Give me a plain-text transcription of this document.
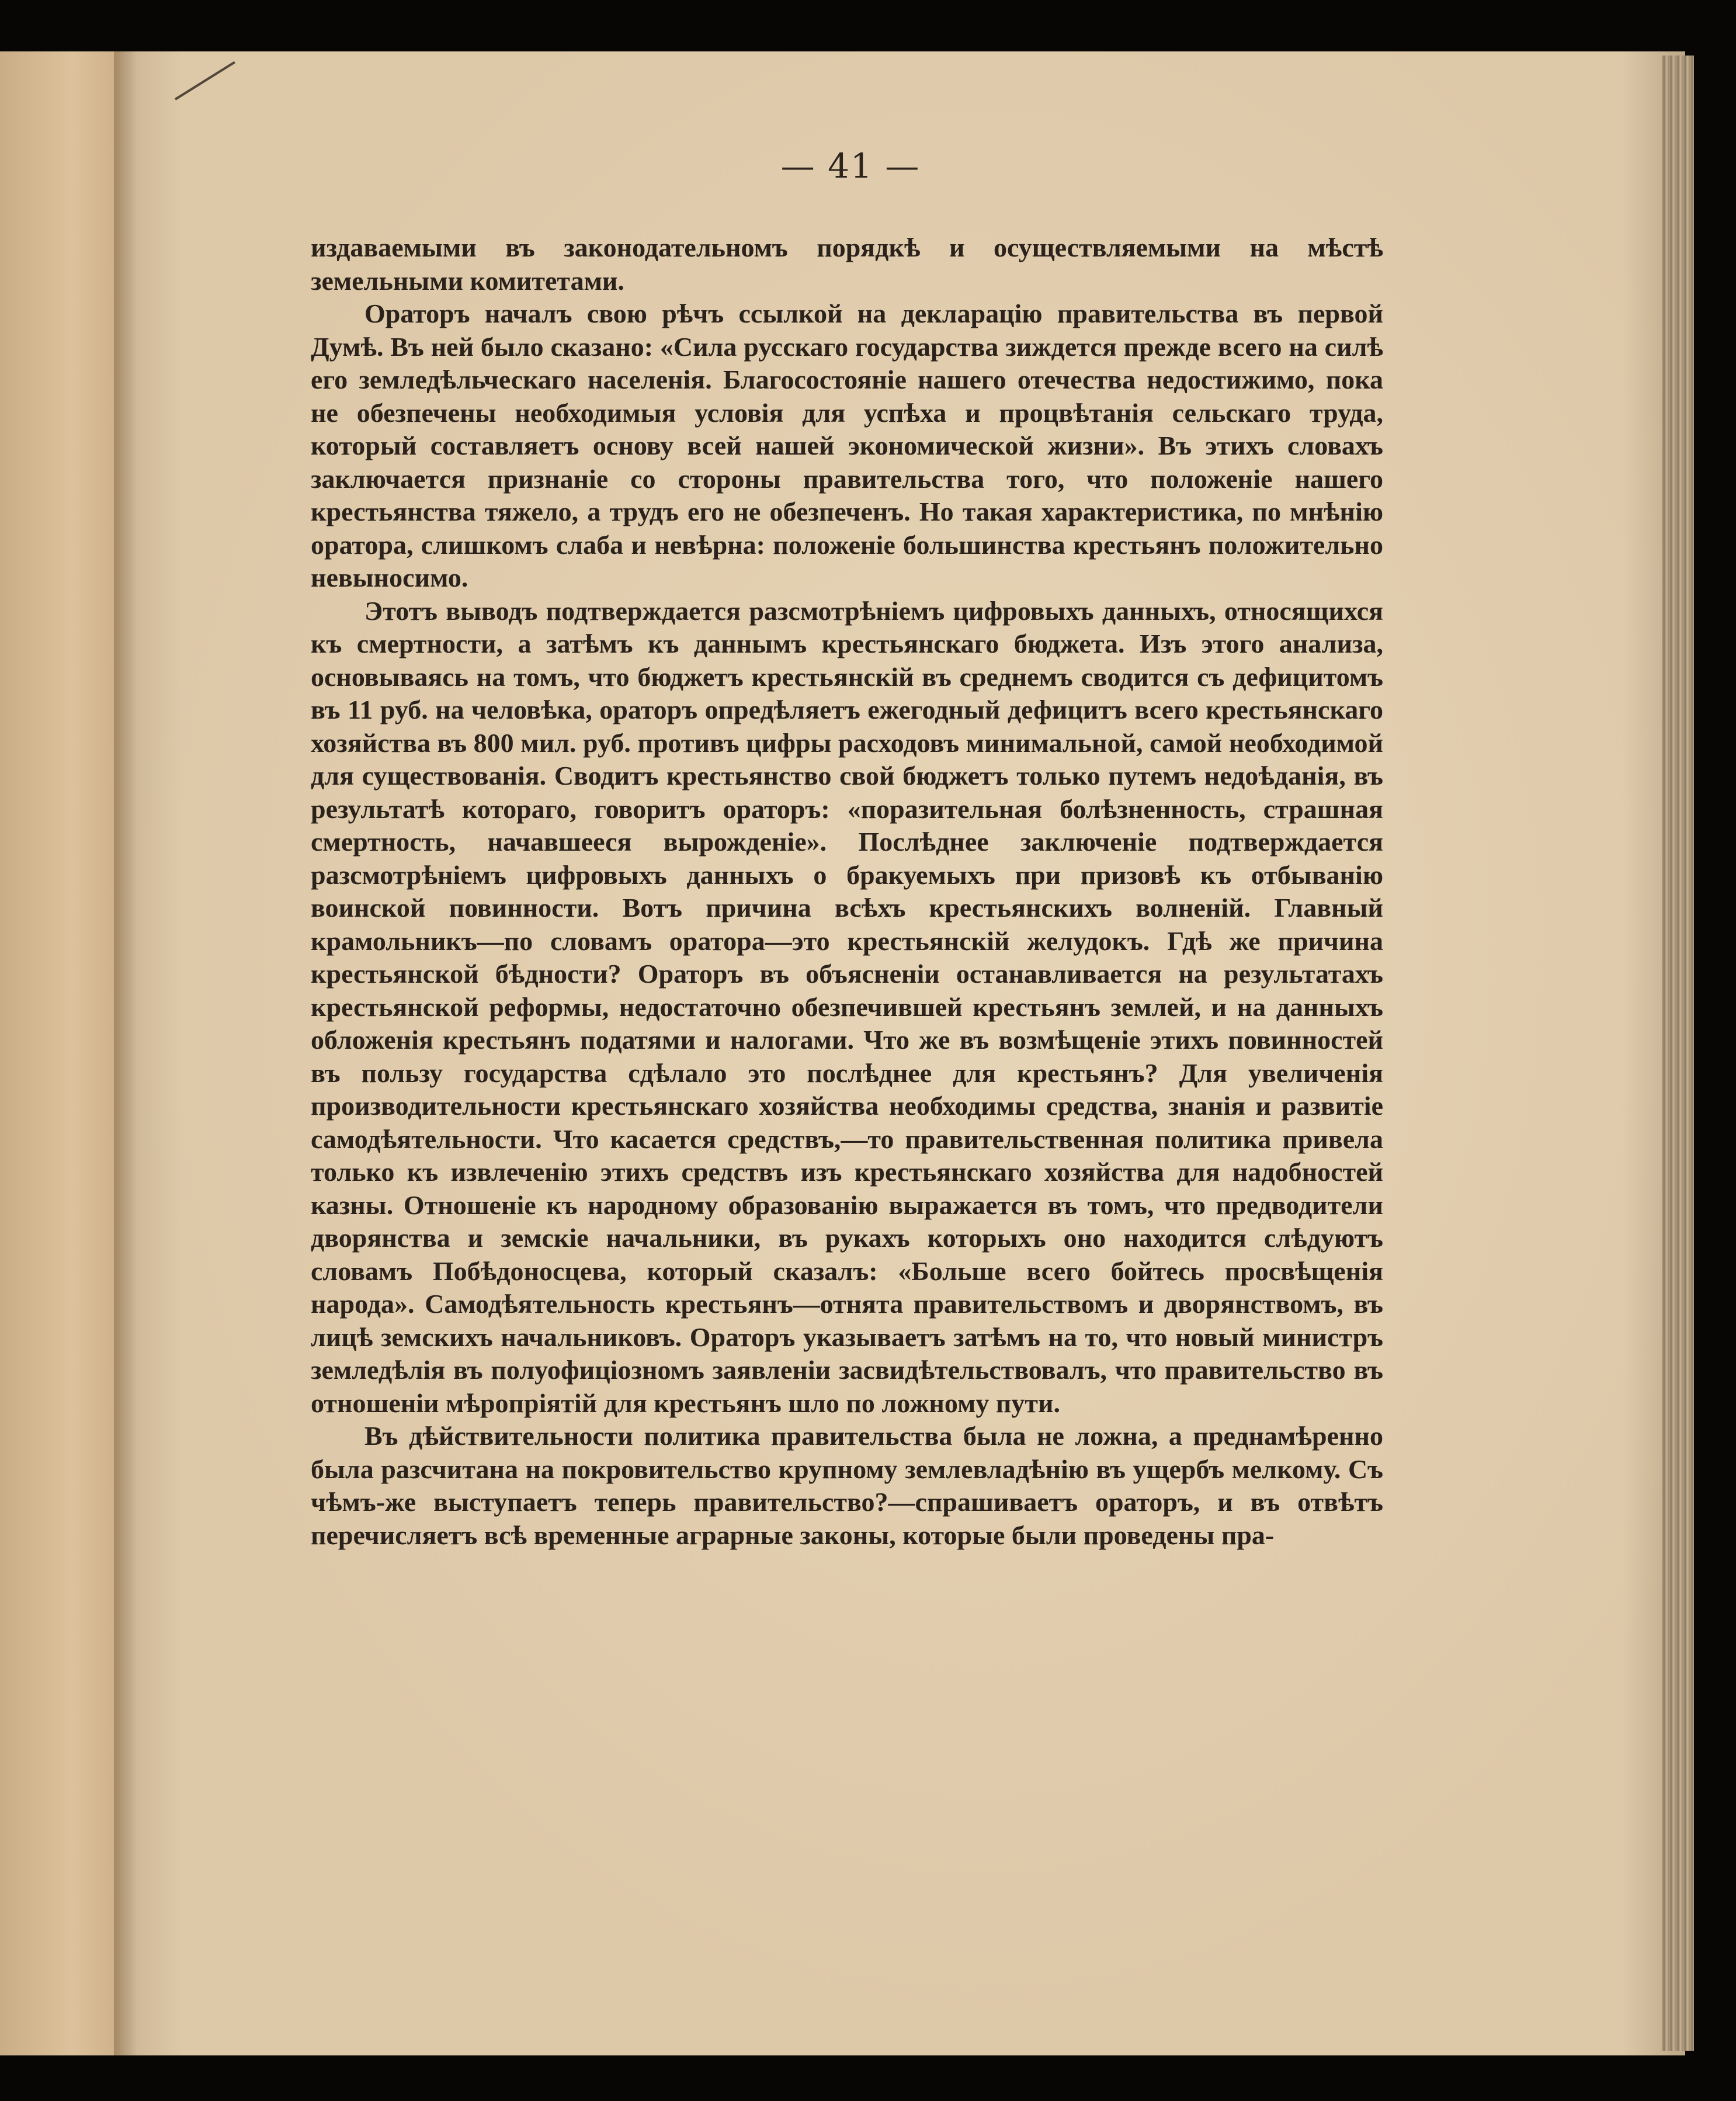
— 41 —

издаваемыми въ законодательномъ порядкѣ и осуществляемыми на мѣстѣ земельными комитетами.

Ораторъ началъ свою рѣчъ ссылкой на декларацію правительства въ первой Думѣ. Въ ней было сказано: «Сила русскаго государства зиждется прежде всего на силѣ его земледѣльческаго населенія. Благосостояніе нашего отечества недостижимо, пока не обезпечены необходимыя условія для успѣха и процвѣтанія сельскаго труда, который составляетъ основу всей нашей экономической жизни». Въ этихъ словахъ заключается признаніе со стороны правительства того, что положеніе нашего крестьянства тяжело, а трудъ его не обезпеченъ. Но такая характеристика, по мнѣнію оратора, слишкомъ слаба и невѣрна: положеніе большинства крестьянъ положительно невыносимо.

Этотъ выводъ подтверждается разсмотрѣніемъ цифровыхъ данныхъ, относящихся къ смертности, а затѣмъ къ даннымъ крестьянскаго бюджета. Изъ этого анализа, основываясь на томъ, что бюджетъ крестьянскій въ среднемъ сводится съ дефицитомъ въ 11 руб. на человѣка, ораторъ опредѣляетъ ежегодный дефицитъ всего крестьянскаго хозяйства въ 800 мил. руб. противъ цифры расходовъ минимальной, самой необходимой для существованія. Сводитъ крестьянство свой бюджетъ только путемъ недоѣданія, въ результатѣ котораго, говоритъ ораторъ: «поразительная болѣзненность, страшная смертность, начавшееся вырожденіе». Послѣднее заключеніе подтверждается разсмотрѣніемъ цифровыхъ данныхъ о бракуемыхъ при призовѣ къ отбыванію воинской повинности. Вотъ причина всѣхъ крестьянскихъ волненій. Главный крамольникъ—по словамъ оратора—это крестьянскій желудокъ. Гдѣ же причина крестьянской бѣдности? Ораторъ въ объясненіи останавливается на результатахъ крестьянской реформы, недостаточно обезпечившей крестьянъ землей, и на данныхъ обложенія крестьянъ податями и налогами. Что же въ возмѣщеніе этихъ повинностей въ пользу государства сдѣлало это послѣднее для крестьянъ? Для увеличенія производительности крестьянскаго хозяйства необходимы средства, знанія и развитіе самодѣятельности. Что касается средствъ,—то правительственная политика привела только къ извлеченію этихъ средствъ изъ крестьянскаго хозяйства для надобностей казны. Отношеніе къ народному образованію выражается въ томъ, что предводители дворянства и земскіе начальники, въ рукахъ которыхъ оно находится слѣдуютъ словамъ Побѣдоносцева, который сказалъ: «Больше всего бойтесь просвѣщенія народа». Самодѣятельность крестьянъ—отнята правительствомъ и дворянствомъ, въ лицѣ земскихъ начальниковъ. Ораторъ указываетъ затѣмъ на то, что новый министръ земледѣлія въ полуофиціозномъ заявленіи засвидѣтельствовалъ, что правительство въ отношеніи мѣропріятій для крестьянъ шло по ложному пути.

Въ дѣйствительности политика правительства была не ложна, а преднамѣренно была разсчитана на покровительство крупному землевладѣнію въ ущербъ мелкому. Съ чѣмъ-же выступаетъ теперь правительство?—спрашиваетъ ораторъ, и въ отвѣтъ перечисляетъ всѣ временные аграрные законы, которые были проведены пра-
